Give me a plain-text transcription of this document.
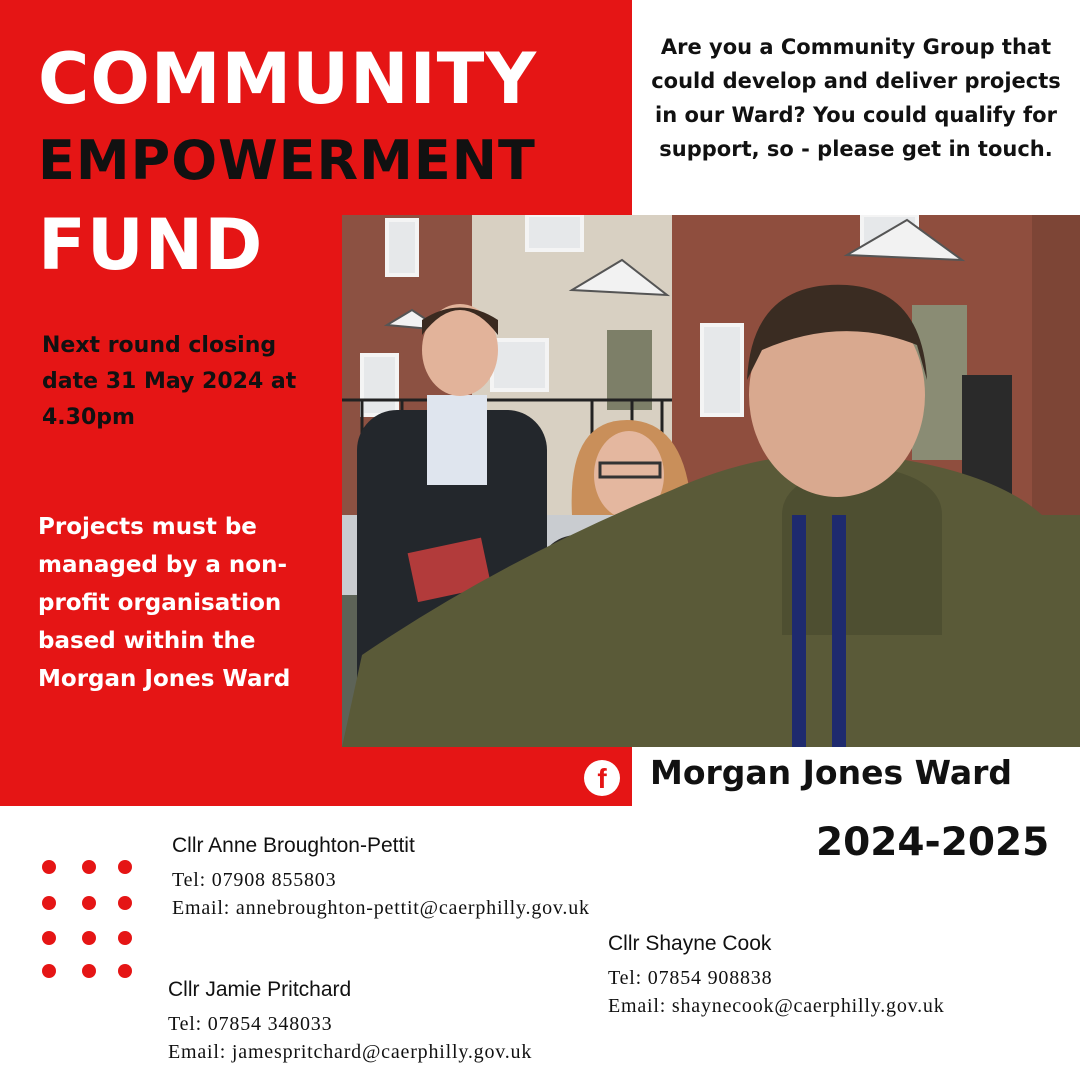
COMMUNITY
EMPOWERMENT
FUND
Next round closing date 31 May 2024 at 4.30pm
Projects must be managed by a non-profit organisation based within the Morgan Jones Ward
Are you a Community Group that could develop and deliver projects in our Ward? You could qualify for support, so - please get in touch.
f	Morgan Jones Ward
2024-2025
Cllr Anne Broughton-Pettit
Tel: 07908 855803
Email: annebroughton-pettit@caerphilly.gov.uk
Cllr Shayne Cook
Tel: 07854 908838
Email: shaynecook@caerphilly.gov.uk
Cllr Jamie Pritchard
Tel: 07854 348033
Email: jamespritchard@caerphilly.gov.uk
